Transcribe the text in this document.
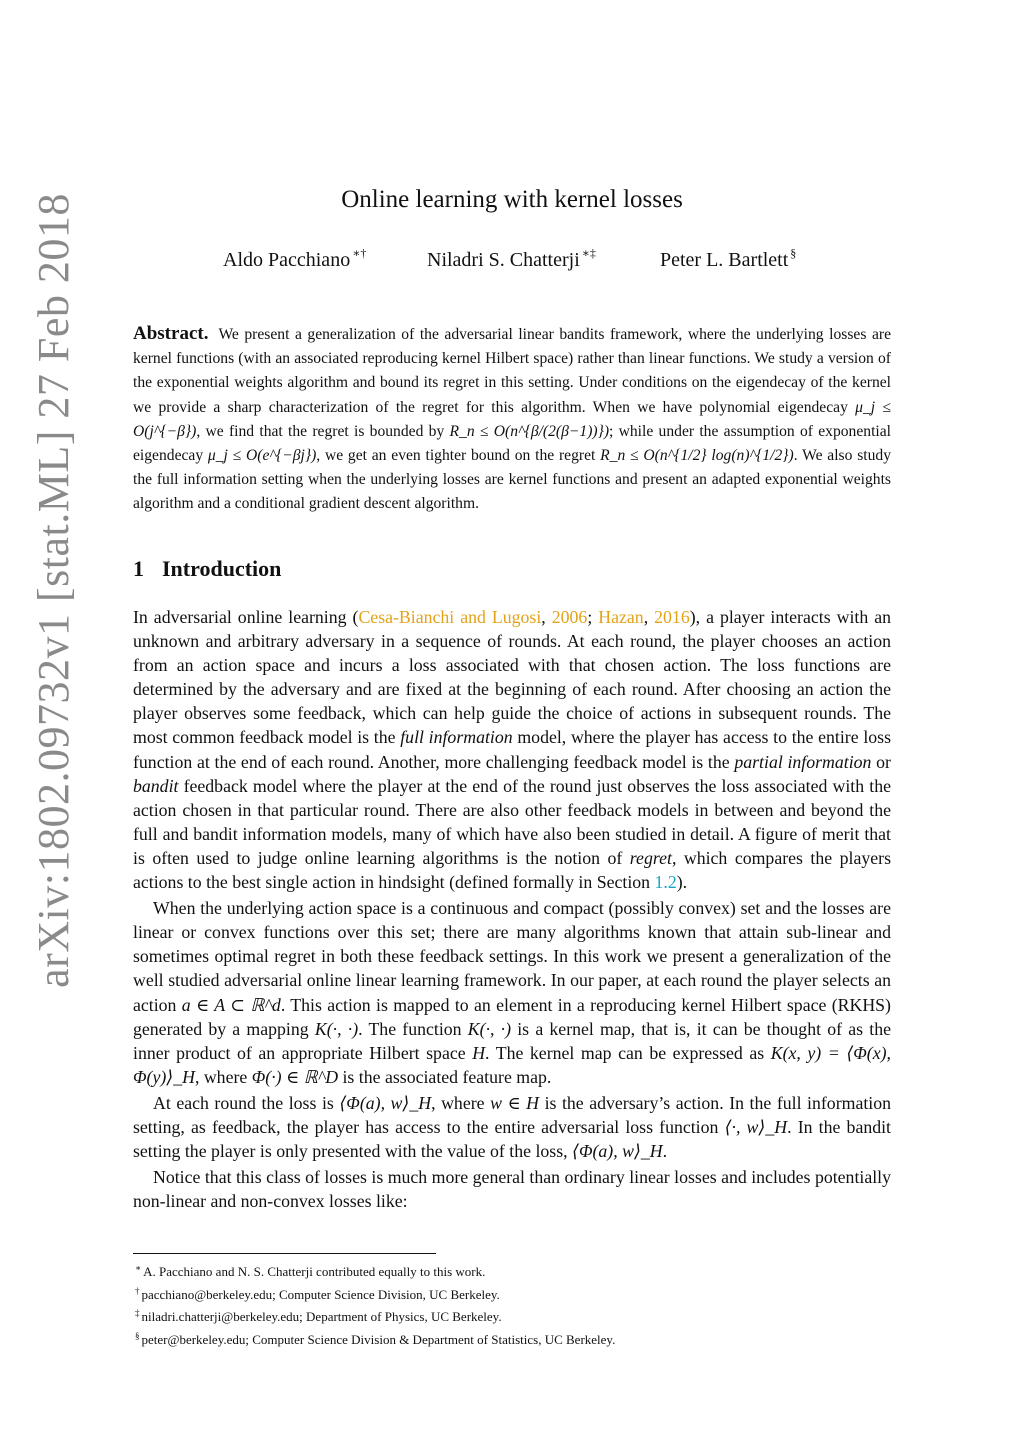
arXiv:1802.09732v1 [stat.ML] 27 Feb 2018	Online learning with kernel losses
Aldo Pacchiano ∗†	Niladri S. Chatterji ∗‡	Peter L. Bartlett §
Abstract. We present a generalization of the adversarial linear bandits framework, where the underlying losses are kernel functions (with an associated reproducing kernel Hilbert space) rather than linear functions. We study a version of the exponential weights algorithm and bound its regret in this setting. Under conditions on the eigendecay of the kernel we provide a sharp characterization of the regret for this algorithm. When we have polynomial eigendecay μ_j ≤ O(j^{−β}), we find that the regret is bounded by R_n ≤ O(n^{β/(2(β−1))}); while under the assumption of exponential eigendecay μ_j ≤ O(e^{−βj}), we get an even tighter bound on the regret R_n ≤ O(n^{1/2} log(n)^{1/2}). We also study the full information setting when the underlying losses are kernel functions and present an adapted exponential weights algorithm and a conditional gradient descent algorithm.
1 Introduction

In adversarial online learning (Cesa-Bianchi and Lugosi, 2006; Hazan, 2016), a player interacts with an unknown and arbitrary adversary in a sequence of rounds. At each round, the player chooses an action from an action space and incurs a loss associated with that chosen action. The loss functions are determined by the adversary and are fixed at the beginning of each round. After choosing an action the player observes some feedback, which can help guide the choice of actions in subsequent rounds. The most common feedback model is the full information model, where the player has access to the entire loss function at the end of each round. Another, more challenging feedback model is the partial information or bandit feedback model where the player at the end of the round just observes the loss associated with the action chosen in that particular round. There are also other feedback models in between and beyond the full and bandit information models, many of which have also been studied in detail. A figure of merit that is often used to judge online learning algorithms is the notion of regret, which compares the players actions to the best single action in hindsight (defined formally in Section 1.2).

When the underlying action space is a continuous and compact (possibly convex) set and the losses are linear or convex functions over this set; there are many algorithms known that attain sub-linear and sometimes optimal regret in both these feedback settings. In this work we present a generalization of the well studied adversarial online linear learning framework. In our paper, at each round the player selects an action a ∈ A ⊂ ℝ^d. This action is mapped to an element in a reproducing kernel Hilbert space (RKHS) generated by a mapping K(·, ·). The function K(·, ·) is a kernel map, that is, it can be thought of as the inner product of an appropriate Hilbert space H. The kernel map can be expressed as K(x, y) = ⟨Φ(x), Φ(y)⟩_H, where Φ(·) ∈ ℝ^D is the associated feature map.

At each round the loss is ⟨Φ(a), w⟩_H, where w ∈ H is the adversary’s action. In the full information setting, as feedback, the player has access to the entire adversarial loss function ⟨·, w⟩_H. In the bandit setting the player is only presented with the value of the loss, ⟨Φ(a), w⟩_H.

Notice that this class of losses is much more general than ordinary linear losses and includes potentially non-linear and non-convex losses like:

∗ A. Pacchiano and N. S. Chatterji contributed equally to this work.
† pacchiano@berkeley.edu; Computer Science Division, UC Berkeley.
‡ niladri.chatterji@berkeley.edu; Department of Physics, UC Berkeley.
§ peter@berkeley.edu; Computer Science Division & Department of Statistics, UC Berkeley.
